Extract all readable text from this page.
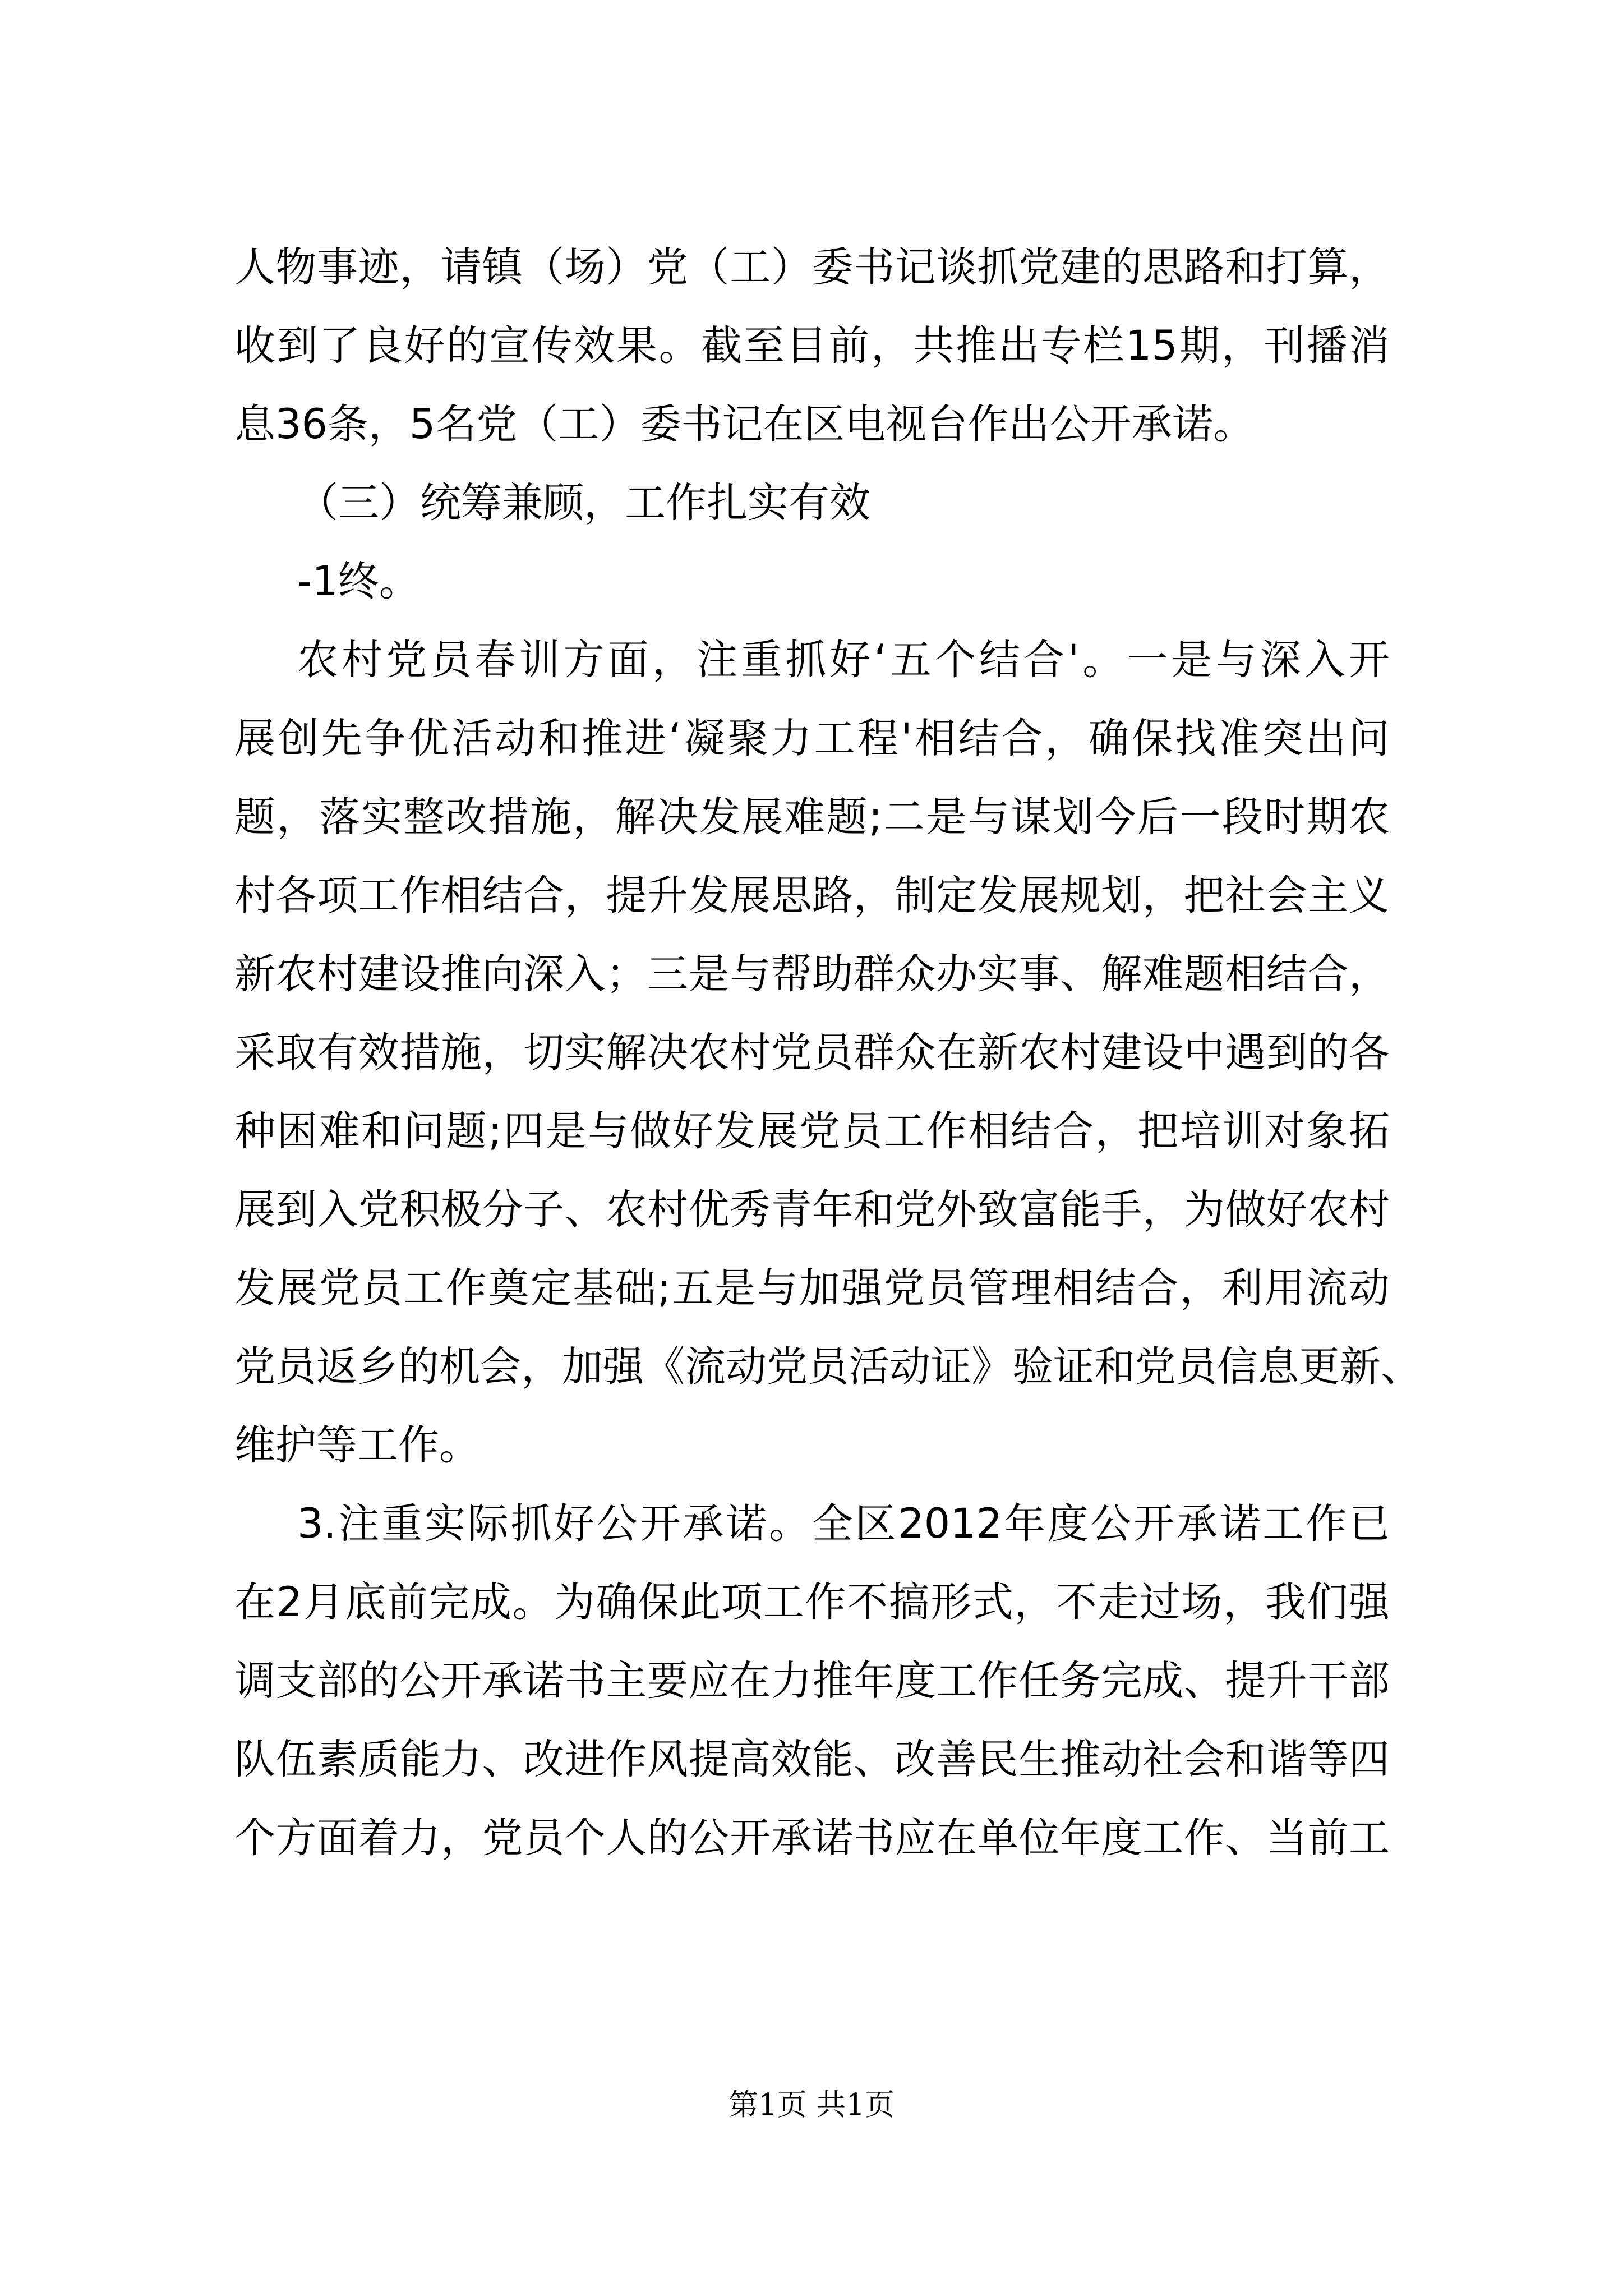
人物事迹，请镇（场）党（工）委书记谈抓党建的思路和打算，
收到了良好的宣传效果。截至目前，共推出专栏15期，刊播消
息36条，5名党（工）委书记在区电视台作出公开承诺。
（三）统筹兼顾，工作扎实有效
-1终。
农村党员春训方面，注重抓好‘五个结合'。一是与深入开
展创先争优活动和推进‘凝聚力工程'相结合，确保找准突出问
题，落实整改措施，解决发展难题;二是与谋划今后一段时期农
村各项工作相结合，提升发展思路，制定发展规划，把社会主义
新农村建设推向深入；三是与帮助群众办实事、解难题相结合，
采取有效措施，切实解决农村党员群众在新农村建设中遇到的各
种困难和问题;四是与做好发展党员工作相结合，把培训对象拓
展到入党积极分子、农村优秀青年和党外致富能手，为做好农村
发展党员工作奠定基础;五是与加强党员管理相结合，利用流动
党员返乡的机会，加强《流动党员活动证》验证和党员信息更新、
维护等工作。
3.注重实际抓好公开承诺。全区2012年度公开承诺工作已
在2月底前完成。为确保此项工作不搞形式，不走过场，我们强
调支部的公开承诺书主要应在力推年度工作任务完成、提升干部
队伍素质能力、改进作风提高效能、改善民生推动社会和谐等四
个方面着力，党员个人的公开承诺书应在单位年度工作、当前工
第1页 共1页
